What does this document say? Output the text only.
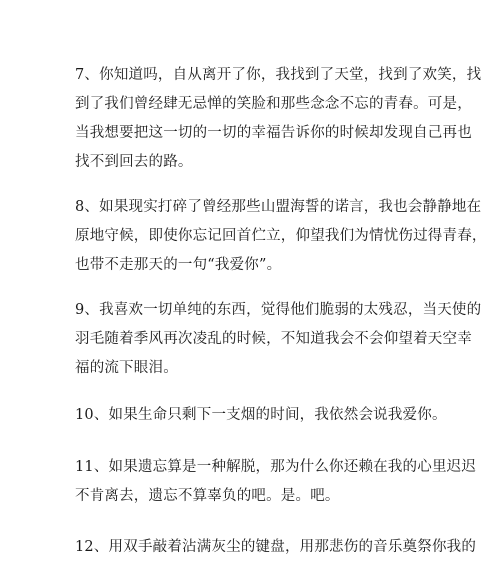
7、你知道吗，自从离开了你，我找到了天堂，找到了欢笑，找
到了我们曾经肆无忌惮的笑脸和那些念念不忘的青春。可是，
当我想要把这一切的一切的幸福告诉你的时候却发现自己再也
找不到回去的路。

8、如果现实打碎了曾经那些山盟海誓的诺言，我也会静静地在
原地守候，即使你忘记回首伫立，仰望我们为情忧伤过得青春，
也带不走那天的一句“我爱你”。

9、我喜欢一切单纯的东西，觉得他们脆弱的太残忍，当天使的
羽毛随着季风再次凌乱的时候，不知道我会不会仰望着天空幸
福的流下眼泪。

10、如果生命只剩下一支烟的时间，我依然会说我爱你。

11、如果遗忘算是一种解脱，那为什么你还赖在我的心里迟迟
不肯离去，遗忘不算辜负的吧。是。吧。

12、用双手敲着沾满灰尘的键盘，用那悲伤的音乐奠祭你我的
